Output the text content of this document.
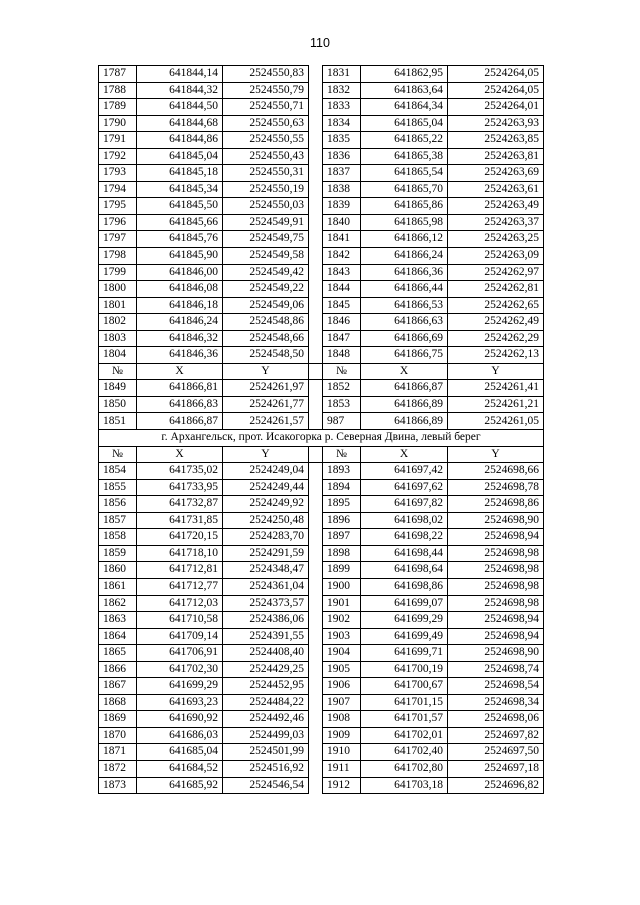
110
1787	641844,14	2524550,83		1831	641862,95	2524264,05
1788	641844,32	2524550,79		1832	641863,64	2524264,05
1789	641844,50	2524550,71		1833	641864,34	2524264,01
1790	641844,68	2524550,63		1834	641865,04	2524263,93
1791	641844,86	2524550,55		1835	641865,22	2524263,85
1792	641845,04	2524550,43		1836	641865,38	2524263,81
1793	641845,18	2524550,31		1837	641865,54	2524263,69
1794	641845,34	2524550,19		1838	641865,70	2524263,61
1795	641845,50	2524550,03		1839	641865,86	2524263,49
1796	641845,66	2524549,91		1840	641865,98	2524263,37
1797	641845,76	2524549,75		1841	641866,12	2524263,25
1798	641845,90	2524549,58		1842	641866,24	2524263,09
1799	641846,00	2524549,42		1843	641866,36	2524262,97
1800	641846,08	2524549,22		1844	641866,44	2524262,81
1801	641846,18	2524549,06		1845	641866,53	2524262,65
1802	641846,24	2524548,86		1846	641866,63	2524262,49
1803	641846,32	2524548,66		1847	641866,69	2524262,29
1804	641846,36	2524548,50		1848	641866,75	2524262,13
№	X	Y		№	X	Y
1849	641866,81	2524261,97		1852	641866,87	2524261,41
1850	641866,83	2524261,77		1853	641866,89	2524261,21
1851	641866,87	2524261,57		987	641866,89	2524261,05
г. Архангельск, прот. Исакогорка р. Северная Двина, левый берег						
№	X	Y		№	X	Y
1854	641735,02	2524249,04		1893	641697,42	2524698,66
1855	641733,95	2524249,44		1894	641697,62	2524698,78
1856	641732,87	2524249,92		1895	641697,82	2524698,86
1857	641731,85	2524250,48		1896	641698,02	2524698,90
1858	641720,15	2524283,70		1897	641698,22	2524698,94
1859	641718,10	2524291,59		1898	641698,44	2524698,98
1860	641712,81	2524348,47		1899	641698,64	2524698,98
1861	641712,77	2524361,04		1900	641698,86	2524698,98
1862	641712,03	2524373,57		1901	641699,07	2524698,98
1863	641710,58	2524386,06		1902	641699,29	2524698,94
1864	641709,14	2524391,55		1903	641699,49	2524698,94
1865	641706,91	2524408,40		1904	641699,71	2524698,90
1866	641702,30	2524429,25		1905	641700,19	2524698,74
1867	641699,29	2524452,95		1906	641700,67	2524698,54
1868	641693,23	2524484,22		1907	641701,15	2524698,34
1869	641690,92	2524492,46		1908	641701,57	2524698,06
1870	641686,03	2524499,03		1909	641702,01	2524697,82
1871	641685,04	2524501,99		1910	641702,40	2524697,50
1872	641684,52	2524516,92		1911	641702,80	2524697,18
1873	641685,92	2524546,54		1912	641703,18	2524696,82
